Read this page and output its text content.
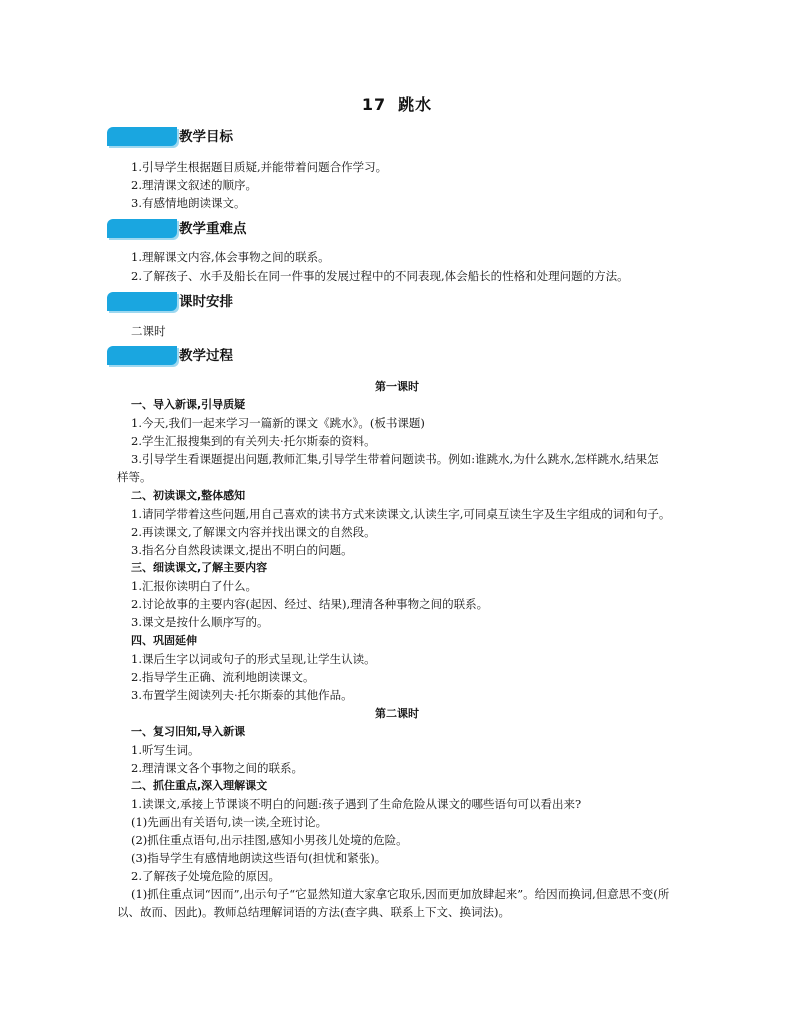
17 跳水
教学目标
1.引导学生根据题目质疑,并能带着问题合作学习。
2.理清课文叙述的顺序。
3.有感情地朗读课文。
教学重难点
1.理解课文内容,体会事物之间的联系。
2.了解孩子、水手及船长在同一件事的发展过程中的不同表现,体会船长的性格和处理问题的方法。
课时安排
二课时
教学过程
第一课时
一、导入新课,引导质疑
1.今天,我们一起来学习一篇新的课文《跳水》。(板书课题)
2.学生汇报搜集到的有关列夫·托尔斯泰的资料。
3.引导学生看课题提出问题,教师汇集,引导学生带着问题读书。例如:谁跳水,为什么跳水,怎样跳水,结果怎
样等。
二、初读课文,整体感知
1.请同学带着这些问题,用自己喜欢的读书方式来读课文,认读生字,可同桌互读生字及生字组成的词和句子。
2.再读课文,了解课文内容并找出课文的自然段。
3.指名分自然段读课文,提出不明白的问题。
三、细读课文,了解主要内容
1.汇报你读明白了什么。
2.讨论故事的主要内容(起因、经过、结果),理清各种事物之间的联系。
3.课文是按什么顺序写的。
四、巩固延伸
1.课后生字以词或句子的形式呈现,让学生认读。
2.指导学生正确、流利地朗读课文。
3.布置学生阅读列夫·托尔斯泰的其他作品。
第二课时
一、复习旧知,导入新课
1.听写生词。
2.理清课文各个事物之间的联系。
二、抓住重点,深入理解课文
1.读课文,承接上节课谈不明白的问题:孩子遇到了生命危险从课文的哪些语句可以看出来?
(1)先画出有关语句,读一读,全班讨论。
(2)抓住重点语句,出示挂图,感知小男孩儿处境的危险。
(3)指导学生有感情地朗读这些语句(担忧和紧张)。
2.了解孩子处境危险的原因。
(1)抓住重点词“因而”,出示句子“它显然知道大家拿它取乐,因而更加放肆起来”。给因而换词,但意思不变(所
以、故而、因此)。教师总结理解词语的方法(查字典、联系上下文、换词法)。
